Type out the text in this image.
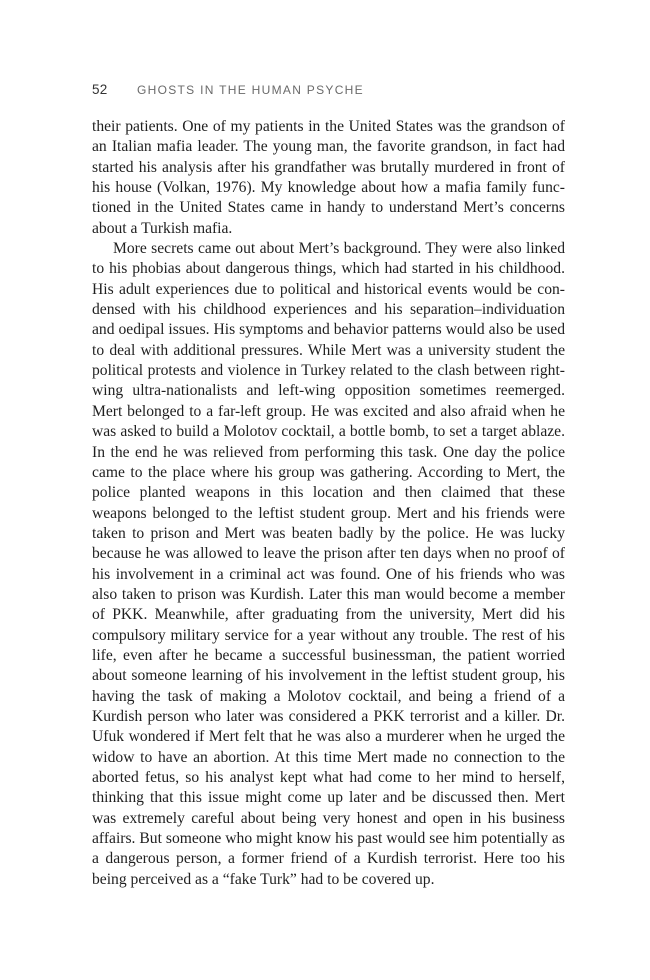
52 GHOSTS IN THE HUMAN PSYCHE

their patients. One of my patients in the United States was the grandson of an Italian mafia leader. The young man, the favorite grandson, in fact had started his analysis after his grandfather was brutally murdered in front of his house (Volkan, 1976). My knowledge about how a mafia family functioned in the United States came in handy to understand Mert’s concerns about a Turkish mafia.

More secrets came out about Mert’s background. They were also linked to his phobias about dangerous things, which had started in his childhood. His adult experiences due to political and historical events would be condensed with his childhood experiences and his separation–individuation and oedipal issues. His symptoms and behavior patterns would also be used to deal with additional pressures. While Mert was a university student the political protests and violence in Turkey related to the clash between right-wing ultra-nationalists and left-wing opposition sometimes reemerged. Mert belonged to a far-left group. He was excited and also afraid when he was asked to build a Molotov cocktail, a bottle bomb, to set a target ablaze. In the end he was relieved from performing this task. One day the police came to the place where his group was gathering. According to Mert, the police planted weapons in this location and then claimed that these weapons belonged to the leftist student group. Mert and his friends were taken to prison and Mert was beaten badly by the police. He was lucky because he was allowed to leave the prison after ten days when no proof of his involvement in a criminal act was found. One of his friends who was also taken to prison was Kurdish. Later this man would become a member of PKK. Meanwhile, after graduating from the university, Mert did his compulsory military service for a year without any trouble. The rest of his life, even after he became a successful businessman, the patient worried about someone learning of his involvement in the leftist student group, his having the task of making a Molotov cocktail, and being a friend of a Kurdish person who later was considered a PKK terrorist and a killer. Dr. Ufuk wondered if Mert felt that he was also a murderer when he urged the widow to have an abortion. At this time Mert made no connection to the aborted fetus, so his analyst kept what had come to her mind to herself, thinking that this issue might come up later and be discussed then. Mert was extremely careful about being very honest and open in his business affairs. But someone who might know his past would see him potentially as a dangerous person, a former friend of a Kurdish terrorist. Here too his being perceived as a “fake Turk” had to be covered up.
